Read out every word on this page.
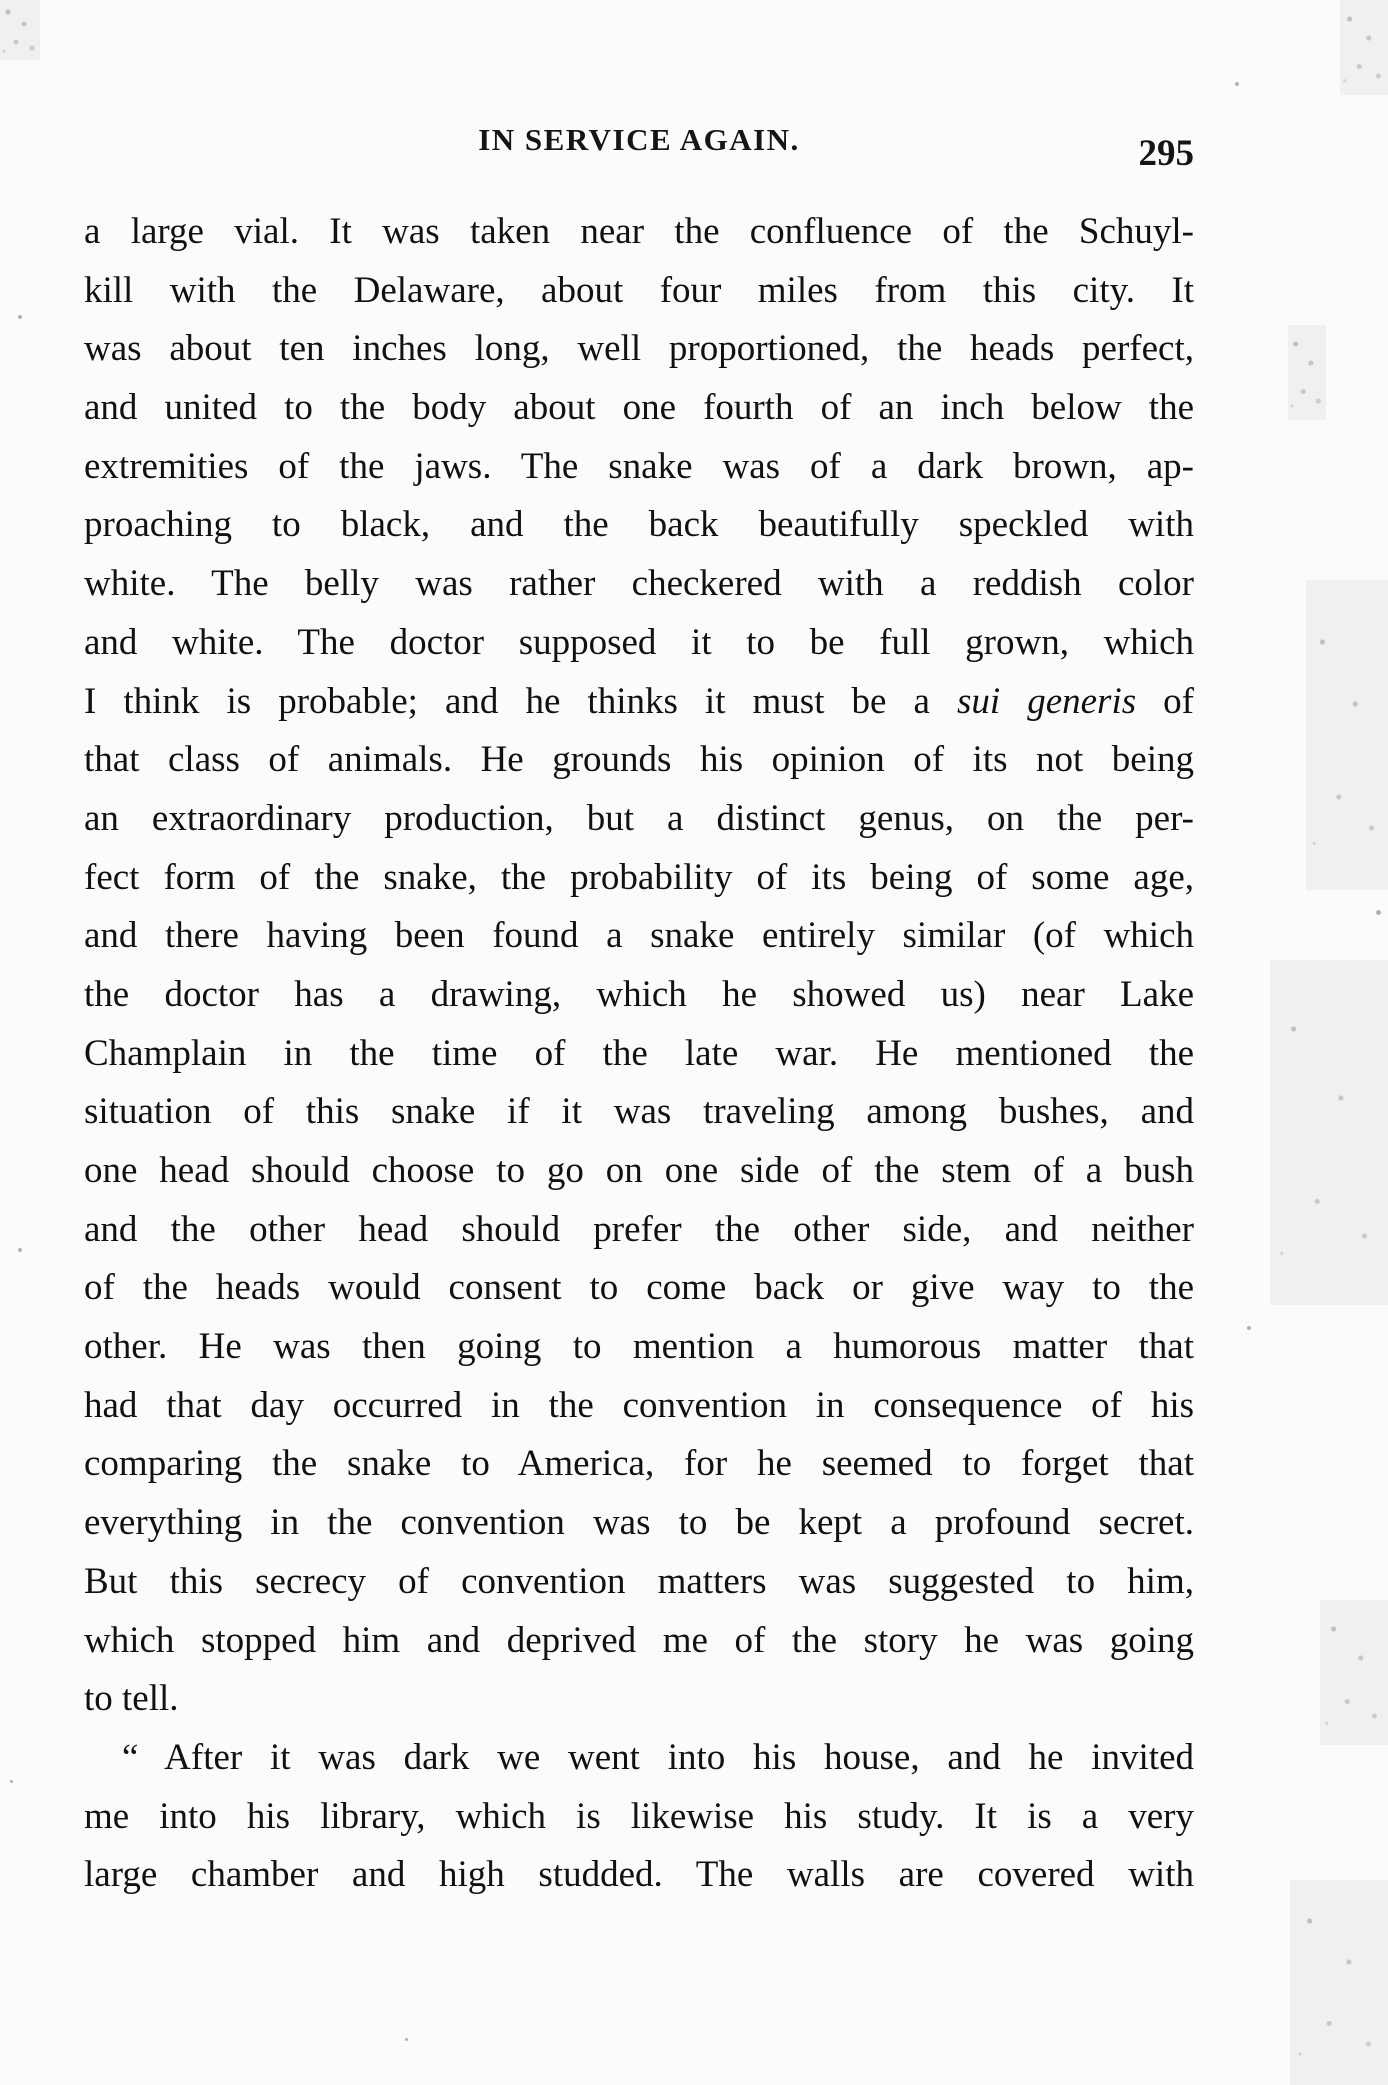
IN SERVICE AGAIN.	295
a large vial. It was taken near the confluence of the Schuyl-
kill with the Delaware, about four miles from this city. It
was about ten inches long, well proportioned, the heads perfect,
and united to the body about one fourth of an inch below the
extremities of the jaws. The snake was of a dark brown, ap-
proaching to black, and the back beautifully speckled with
white. The belly was rather checkered with a reddish color
and white. The doctor supposed it to be full grown, which
I think is probable; and he thinks it must be a sui generis of
that class of animals. He grounds his opinion of its not being
an extraordinary production, but a distinct genus, on the per-
fect form of the snake, the probability of its being of some age,
and there having been found a snake entirely similar (of which
the doctor has a drawing, which he showed us) near Lake
Champlain in the time of the late war. He mentioned the
situation of this snake if it was traveling among bushes, and
one head should choose to go on one side of the stem of a bush
and the other head should prefer the other side, and neither
of the heads would consent to come back or give way to the
other. He was then going to mention a humorous matter that
had that day occurred in the convention in consequence of his
comparing the snake to America, for he seemed to forget that
everything in the convention was to be kept a profound secret.
But this secrecy of convention matters was suggested to him,
which stopped him and deprived me of the story he was going
to tell.
“ After it was dark we went into his house, and he invited
me into his library, which is likewise his study. It is a very
large chamber and high studded. The walls are covered with
